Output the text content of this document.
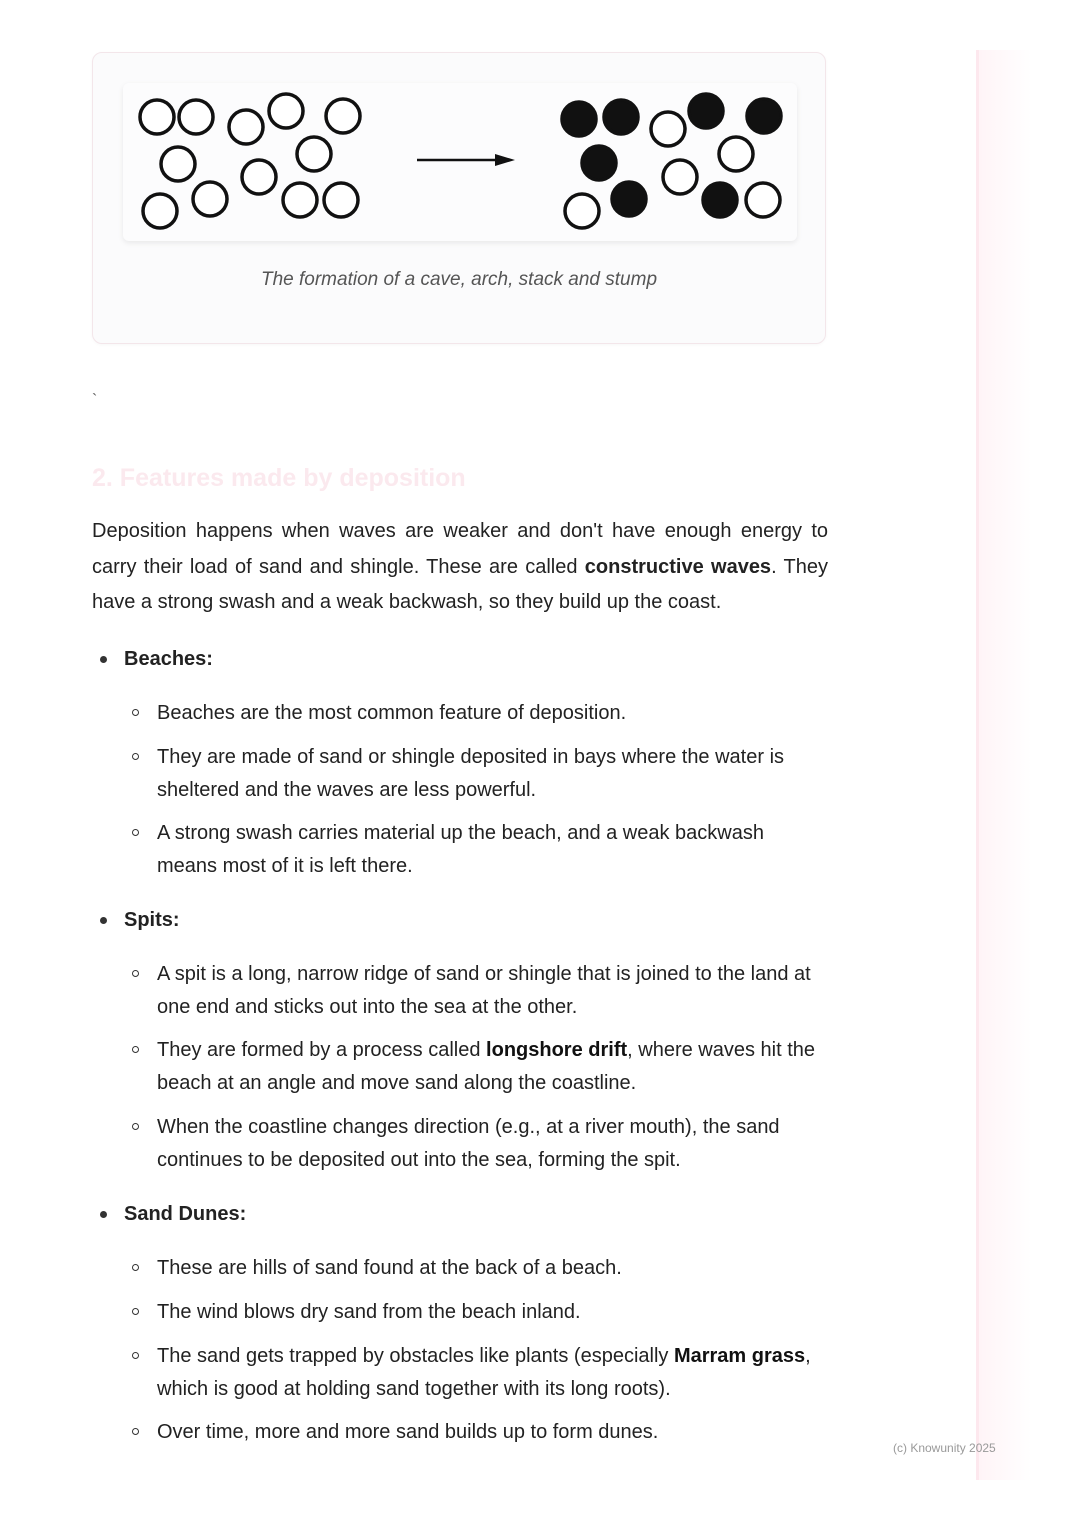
The formation of a cave, arch, stack and stump
`
2. Features made by deposition

Deposition happens when waves are weaker and don't have enough energy to carry their load of sand and shingle. These are called constructive waves. They have a strong swash and a weak backwash, so they build up the coast.

Beaches:
Beaches are the most common feature of deposition.
They are made of sand or shingle deposited in bays where the water is sheltered and the waves are less powerful.
A strong swash carries material up the beach, and a weak backwash means most of it is left there.
Spits:
A spit is a long, narrow ridge of sand or shingle that is joined to the land at one end and sticks out into the sea at the other.
They are formed by a process called longshore drift, where waves hit the beach at an angle and move sand along the coastline.
When the coastline changes direction (e.g., at a river mouth), the sand continues to be deposited out into the sea, forming the spit.
Sand Dunes:
These are hills of sand found at the back of a beach.
The wind blows dry sand from the beach inland.
The sand gets trapped by obstacles like plants (especially Marram grass, which is good at holding sand together with its long roots).
Over time, more and more sand builds up to form dunes.
(c) Knowunity 2025
